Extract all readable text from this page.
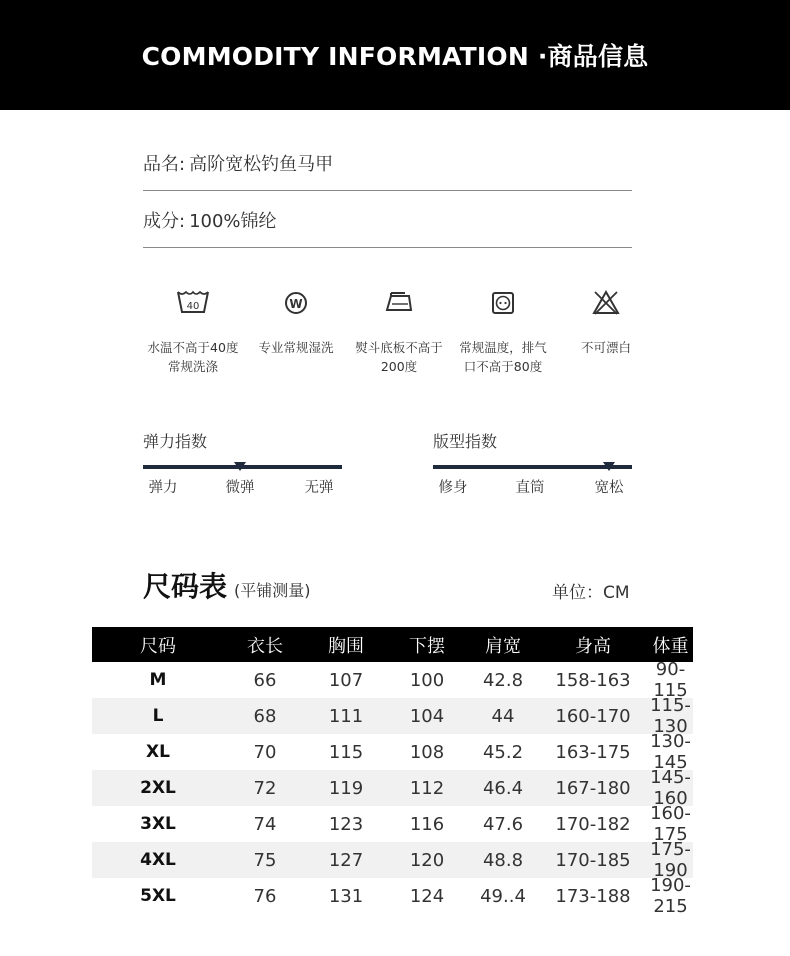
COMMODITY INFORMATION ·商品信息
品名: 高阶宽松钓鱼马甲
成分: 100%锦纶
40
水温不高于40度
常规洗涤
W
专业常规湿洗	熨斗底板不高于
200度
常规温度，排气
口不高于80度
不可漂白
弹力指数
弹力	微弹	无弹
版型指数
修身	直筒	宽松
尺码表 (平铺测量)	单位：CM
尺码	衣长	胸围	下摆	肩宽	身高	体重
M	66	107	100	42.8	158-163	90-115
L	68	111	104	44	160-170	115-130
XL	70	115	108	45.2	163-175	130-145
2XL	72	119	112	46.4	167-180	145-160
3XL	74	123	116	47.6	170-182	160-175
4XL	75	127	120	48.8	170-185	175-190
5XL	76	131	124	49..4	173-188	190-215
